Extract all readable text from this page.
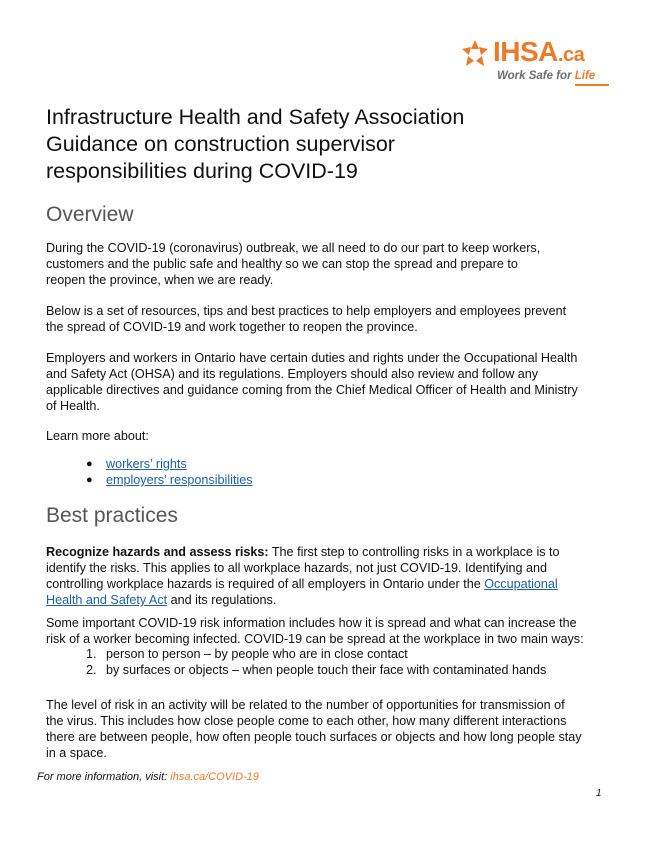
IHSA.ca
Work Safe for Life
Infrastructure Health and Safety Association
Guidance on construction supervisor
responsibilities during COVID-19
Overview

During the COVID-19 (coronavirus) outbreak, we all need to do our part to keep workers,
customers and the public safe and healthy so we can stop the spread and prepare to
reopen the province, when we are ready.

Below is a set of resources, tips and best practices to help employers and employees prevent
the spread of COVID-19 and work together to reopen the province.

Employers and workers in Ontario have certain duties and rights under the Occupational Health
and Safety Act (OHSA) and its regulations. Employers should also review and follow any
applicable directives and guidance coming from the Chief Medical Officer of Health and Ministry
of Health.

Learn more about:

● workers’ rights
● employers’ responsibilities
Best practices

Recognize hazards and assess risks: The first step to controlling risks in a workplace is to
identify the risks. This applies to all workplace hazards, not just COVID-19. Identifying and
controlling workplace hazards is required of all employers in Ontario under the Occupational
Health and Safety Act and its regulations.

Some important COVID-19 risk information includes how it is spread and what can increase the
risk of a worker becoming infected. COVID-19 can be spread at the workplace in two main ways:

1. person to person – by people who are in close contact
2. by surfaces or objects – when people touch their face with contaminated hands

The level of risk in an activity will be related to the number of opportunities for transmission of
the virus. This includes how close people come to each other, how many different interactions
there are between people, how often people touch surfaces or objects and how long people stay
in a space.

For more information, visit: ihsa.ca/COVID-19
1
